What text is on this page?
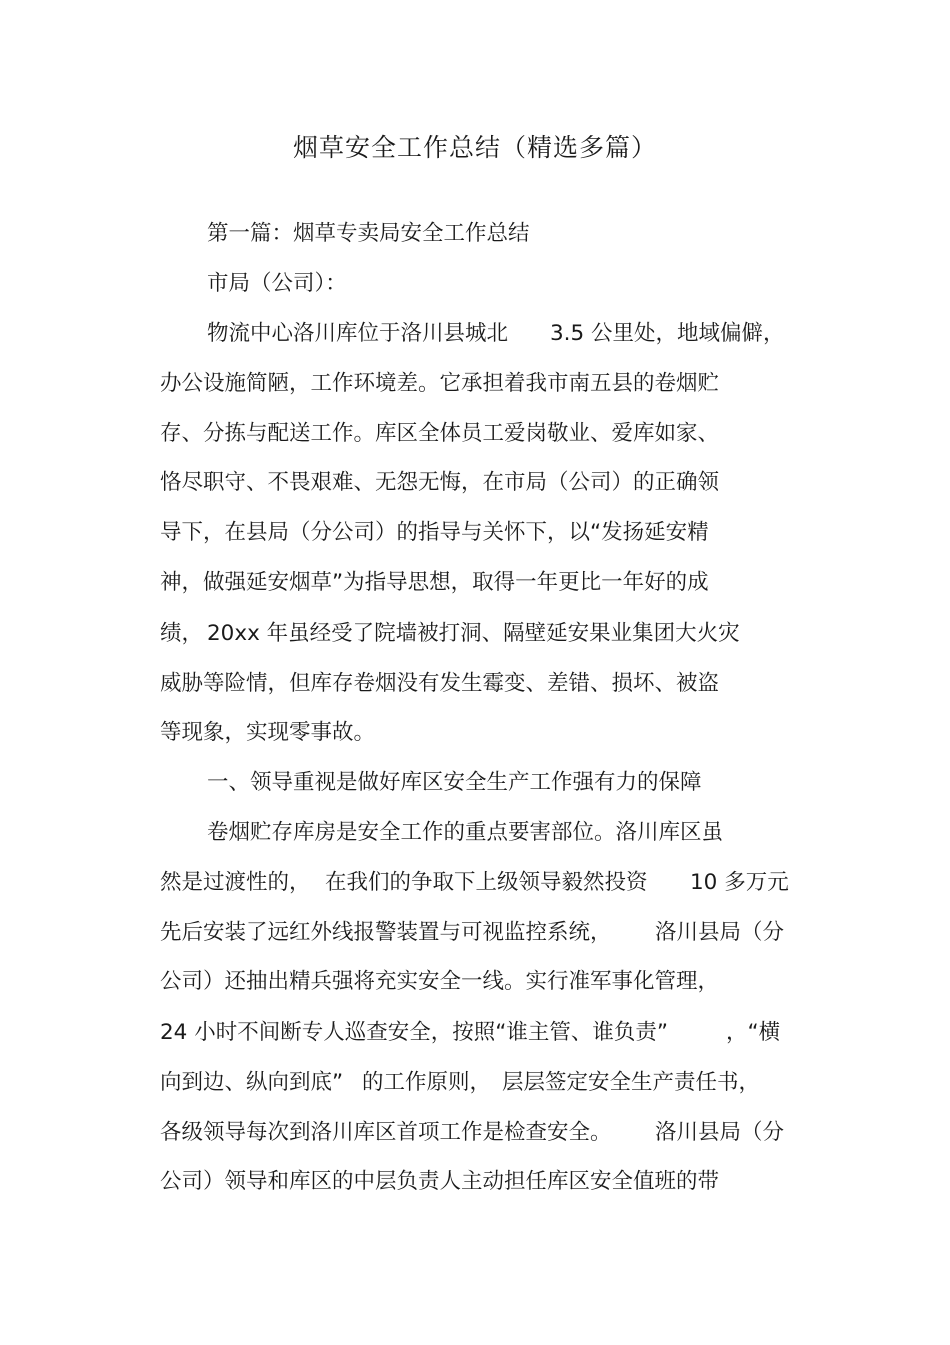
烟草安全工作总结（精选多篇）
第一篇：烟草专卖局安全工作总结
市局（公司）：
物流中心洛川库位于洛川县城北 3.5 公里处，地域偏僻，
办公设施简陋，工作环境差。它承担着我市南五县的卷烟贮
存、分拣与配送工作。库区全体员工爱岗敬业、爱库如家、
恪尽职守、不畏艰难、无怨无悔，在市局（公司）的正确领
导下，在县局（分公司）的指导与关怀下，以“发扬延安精
神，做强延安烟草”为指导思想，取得一年更比一年好的成
绩， 20xx 年虽经受了院墙被打洞、隔壁延安果业集团大火灾
威胁等险情，但库存卷烟没有发生霉变、差错、损坏、被盗
等现象，实现零事故。
一、领导重视是做好库区安全生产工作强有力的保障
卷烟贮存库房是安全工作的重点要害部位。洛川库区虽
然是过渡性的， 在我们的争取下上级领导毅然投资 10 多万元
先后安装了远红外线报警装置与可视监控系统， 洛川县局（分
公司）还抽出精兵强将充实安全一线。实行准军事化管理，
24 小时不间断专人巡查安全，按照“谁主管、谁负责”	，“横
向到边、纵向到底” 的工作原则， 层层签定安全生产责任书，
各级领导每次到洛川库区首项工作是检查安全。 洛川县局（分
公司）领导和库区的中层负责人主动担任库区安全值班的带
